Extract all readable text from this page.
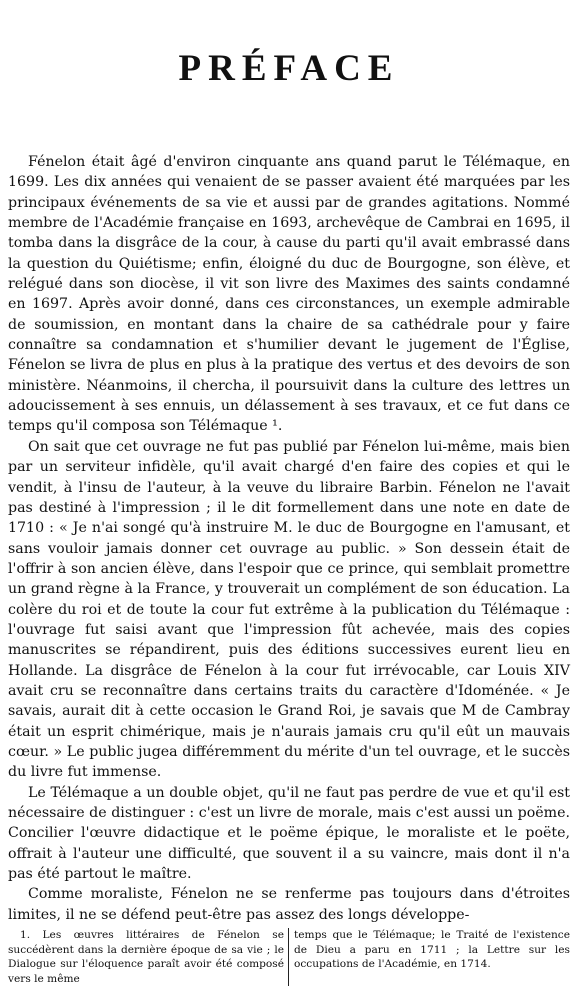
PRÉFACE

Fénelon était âgé d'environ cinquante ans quand parut le Télémaque, en 1699. Les dix années qui venaient de se passer avaient été marquées par les principaux événements de sa vie et aussi par de grandes agitations. Nommé membre de l'Académie française en 1693, archevêque de Cambrai en 1695, il tomba dans la disgrâce de la cour, à cause du parti qu'il avait embrassé dans la question du Quiétisme; enfin, éloigné du duc de Bourgogne, son élève, et relégué dans son diocèse, il vit son livre des Maximes des saints condamné en 1697. Après avoir donné, dans ces circonstances, un exemple admirable de soumission, en montant dans la chaire de sa cathédrale pour y faire connaître sa condamnation et s'humilier devant le jugement de l'Église, Fénelon se livra de plus en plus à la pratique des vertus et des devoirs de son ministère. Néanmoins, il chercha, il poursuivit dans la culture des lettres un adoucissement à ses ennuis, un délassement à ses travaux, et ce fut dans ce temps qu'il composa son Télémaque ¹.

On sait que cet ouvrage ne fut pas publié par Fénelon lui-même, mais bien par un serviteur infidèle, qu'il avait chargé d'en faire des copies et qui le vendit, à l'insu de l'auteur, à la veuve du libraire Barbin. Fénelon ne l'avait pas destiné à l'impression ; il le dit formellement dans une note en date de 1710 : « Je n'ai songé qu'à instruire M. le duc de Bourgogne en l'amusant, et sans vouloir jamais donner cet ouvrage au public. » Son dessein était de l'offrir à son ancien élève, dans l'espoir que ce prince, qui semblait promettre un grand règne à la France, y trouverait un complément de son éducation. La colère du roi et de toute la cour fut extrême à la publication du Télémaque : l'ouvrage fut saisi avant que l'impression fût achevée, mais des copies manuscrites se répandirent, puis des éditions successives eurent lieu en Hollande. La disgrâce de Fénelon à la cour fut irrévocable, car Louis XIV avait cru se reconnaître dans certains traits du caractère d'Idoménée. « Je savais, aurait dit à cette occasion le Grand Roi, je savais que M de Cambray était un esprit chimérique, mais je n'aurais jamais cru qu'il eût un mauvais cœur. » Le public jugea différemment du mérite d'un tel ouvrage, et le succès du livre fut immense.

Le Télémaque a un double objet, qu'il ne faut pas perdre de vue et qu'il est nécessaire de distinguer : c'est un livre de morale, mais c'est aussi un poëme. Concilier l'œuvre didactique et le poëme épique, le moraliste et le poëte, offrait à l'auteur une difficulté, que souvent il a su vaincre, mais dont il n'a pas été partout le maître.

Comme moraliste, Fénelon ne se renferme pas toujours dans d'étroites limites, il ne se défend peut-être pas assez des longs développe-

1. Les œuvres littéraires de Fénelon se succédèrent dans la dernière époque de sa vie ; le Dialogue sur l'éloquence paraît avoir été composé vers le même
temps que le Télémaque; le Traité de l'existence de Dieu a paru en 1711 ; la Lettre sur les occupations de l'Académie, en 1714.
